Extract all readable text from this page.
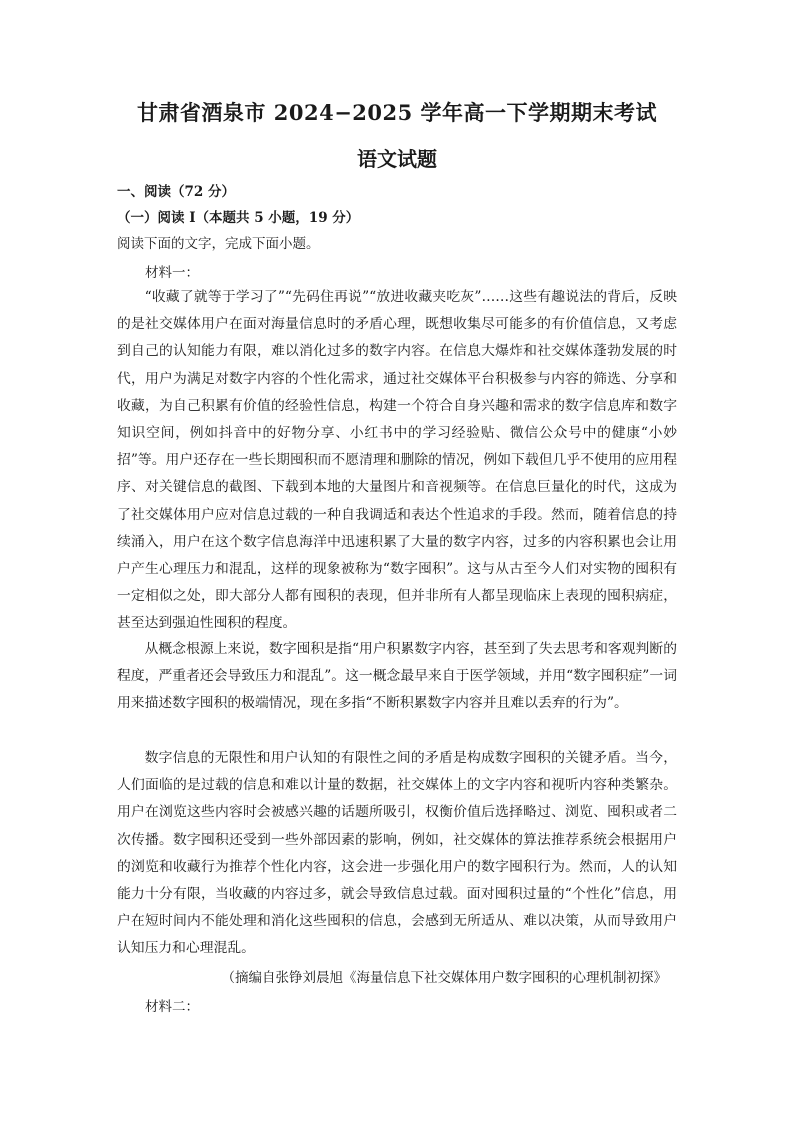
甘肃省酒泉市 2024−2025 学年高一下学期期末考试
语文试题
一、阅读（72 分）
（一）阅读 I（本题共 5 小题，19 分）
阅读下面的文字，完成下面小题。
材料一：

“收藏了就等于学习了”“先码住再说”“放进收藏夹吃灰”……这些有趣说法的背后，反映的是社交媒体用户在面对海量信息时的矛盾心理，既想收集尽可能多的有价值信息，又考虑到自己的认知能力有限，难以消化过多的数字内容。在信息大爆炸和社交媒体蓬勃发展的时代，用户为满足对数字内容的个性化需求，通过社交媒体平台积极参与内容的筛选、分享和收藏，为自己积累有价值的经验性信息，构建一个符合自身兴趣和需求的数字信息库和数字知识空间，例如抖音中的好物分享、小红书中的学习经验贴、微信公众号中的健康“小妙招”等。用户还存在一些长期囤积而不愿清理和删除的情况，例如下载但几乎不使用的应用程序、对关键信息的截图、下载到本地的大量图片和音视频等。在信息巨量化的时代，这成为了社交媒体用户应对信息过载的一种自我调适和表达个性追求的手段。然而，随着信息的持续涌入，用户在这个数字信息海洋中迅速积累了大量的数字内容，过多的内容积累也会让用户产生心理压力和混乱，这样的现象被称为“数字囤积”。这与从古至今人们对实物的囤积有一定相似之处，即大部分人都有囤积的表现，但并非所有人都呈现临床上表现的囤积病症，甚至达到强迫性囤积的程度。

从概念根源上来说，数字囤积是指“用户积累数字内容，甚至到了失去思考和客观判断的程度，严重者还会导致压力和混乱”。这一概念最早来自于医学领域，并用“数字囤积症”一词用来描述数字囤积的极端情况，现在多指“不断积累数字内容并且难以丢弃的行为”。

数字信息的无限性和用户认知的有限性之间的矛盾是构成数字囤积的关键矛盾。当今，人们面临的是过载的信息和难以计量的数据，社交媒体上的文字内容和视听内容种类繁杂。用户在浏览这些内容时会被感兴趣的话题所吸引，权衡价值后选择略过、浏览、囤积或者二次传播。数字囤积还受到一些外部因素的影响，例如，社交媒体的算法推荐系统会根据用户的浏览和收藏行为推荐个性化内容，这会进一步强化用户的数字囤积行为。然而，人的认知能力十分有限，当收藏的内容过多，就会导致信息过载。面对囤积过量的“个性化”信息，用户在短时间内不能处理和消化这些囤积的信息，会感到无所适从、难以决策，从而导致用户认知压力和心理混乱。

（摘编自张铮刘晨旭《海量信息下社交媒体用户数字囤积的心理机制初探》
材料二：
